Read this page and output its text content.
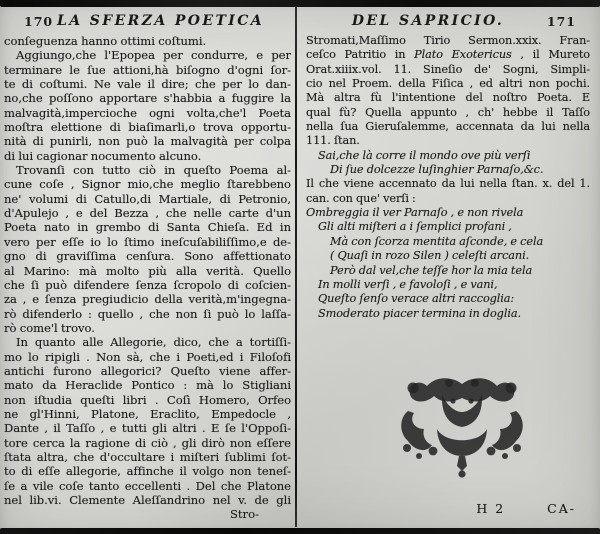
170 LA SFERZA POETICA
conſeguenza hanno ottimi coſtumi.
Aggiungo,che l'Epopea per condurre, e per
terminare le ſue attioni,hà biſogno d'ogni ſor-
te di coſtumi. Ne vale il dire; che per lo dan-
no,che poſſono apportare s'habbia a fuggire la
malvagità,impercioche ogni volta,che'l Poeta
moſtra elettione di biaſimarli,o trova opportu-
nità di punirli, non può la malvagità per colpa
di lui cagionar nocumento alcuno.
Trovanſi con tutto ciò in queſto Poema al-
cune coſe , Signor mio,che meglio ſtarebbeno
ne' volumi di Catullo,di Martiale, di Petronio,
d'Apulejo , e del Bezza , che nelle carte d'un
Poeta nato in grembo di Santa Chieſa. Ed in
vero per eſſe io lo ſtimo ineſcuſabiliſſimo,e de-
gno di graviſſima cenſura. Sono affettionato
al Marino: mà molto più alla verità. Quello
che ſi può difendere ſenza ſcropolo di coſcien-
za , e ſenza pregiudicio della verità,m'ingegna-
rò difenderlo : quello , che non ſi può lo laſſa-
rò come'l trovo.
In quanto alle Allegorie, dico, che a tortiſſi-
mo lo ripigli . Non sà, che i Poeti,ed i Filoſofi
antichi furono allegorici? Queſto viene affer-
mato da Heraclide Pontico : mà lo Stigliani
non iſtudia queſti libri . Coſì Homero, Orfeo
ne gl'Hinni, Platone, Eraclito, Empedocle ,
Dante , il Taſſo , e tutti gli altri . E ſe l'Oppoſi-
tore cerca la ragione di ciò , gli dirò non eſſere
ſtata altra, che d'occultare i miſteri ſublimi ſot-
to di eſſe allegorie, affinche il volgo non teneſ-
ſe a vile coſe tanto eccellenti . Del che Platone
nel lib.vi. Clemente Aleſſandrino nel v. de gli
Stro-
DEL SAPRICIO.	171
Stromati,Maſſimo Tirio Sermon.xxix. Fran-
ceſco Patritio in Plato Exotericus , il Mureto
Orat.xiiix.vol. 11. Sineſio de' Sogni, Simpli-
cio nel Proem. della Fiſica , ed altri non pochi.
Mà altra fù l'intentione del noſtro Poeta. E
qual fù? Quella appunto , ch' hebbe il Taſſo
nella ſua Gieruſalemme, accennata da lui nella
111. ſtan.
Sai,che là corre il mondo ove più verſi
Di ſue dolcezze luſinghier Parnaſo,&c.
Il che viene accennato da lui nella ſtan. x. del 1.
can. con que' verſi :
Ombreggia il ver Parnaſo , e non rivela
Gli alti miſteri a i ſemplici profani ,
Mà con ſcorza mentita aſconde, e cela
( Quaſi in rozo Silen ) celeſti arcani.
Però dal vel,che teſſe hor la mia tela
In molli verſi , e favoloſi , e vani,
Queſto ſenſo verace altri raccoglia:
Smoderato piacer termina in doglia.
H 2	CA-
